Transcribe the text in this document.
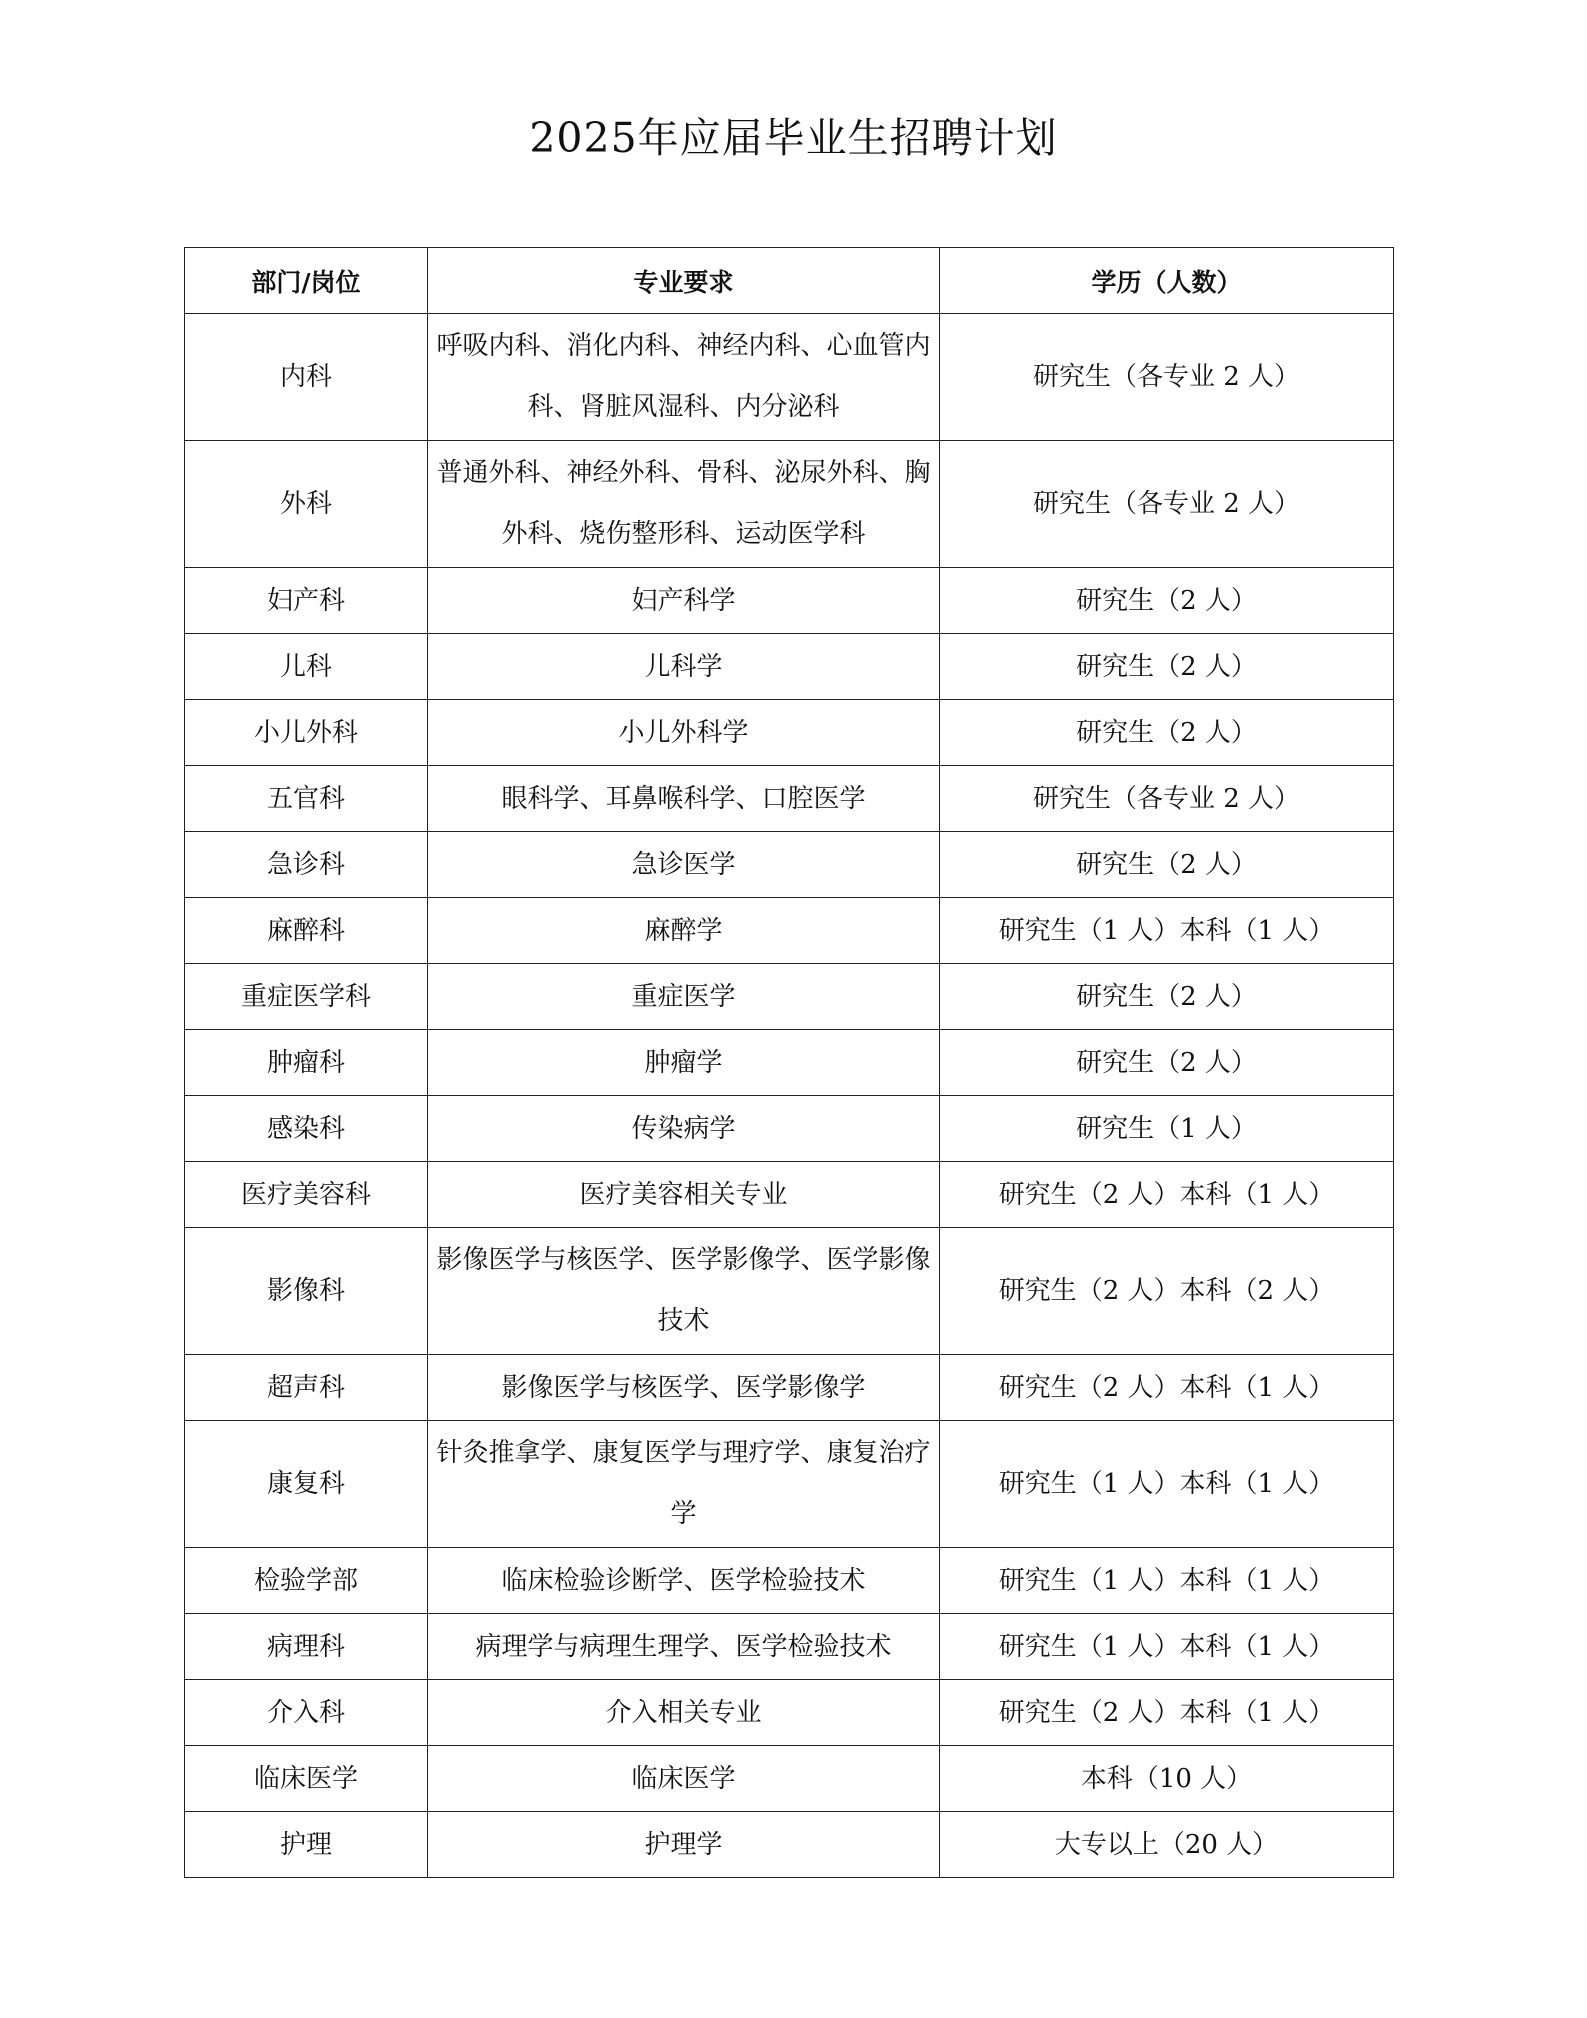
2025年应届毕业生招聘计划
部门/岗位	专业要求	学历（人数）
内科	呼吸内科、消化内科、神经内科、心血管内科、肾脏风湿科、内分泌科	研究生（各专业 2 人）
外科	普通外科、神经外科、骨科、泌尿外科、胸外科、烧伤整形科、运动医学科	研究生（各专业 2 人）
妇产科	妇产科学	研究生（2 人）
儿科	儿科学	研究生（2 人）
小儿外科	小儿外科学	研究生（2 人）
五官科	眼科学、耳鼻喉科学、口腔医学	研究生（各专业 2 人）
急诊科	急诊医学	研究生（2 人）
麻醉科	麻醉学	研究生（1 人）本科（1 人）
重症医学科	重症医学	研究生（2 人）
肿瘤科	肿瘤学	研究生（2 人）
感染科	传染病学	研究生（1 人）
医疗美容科	医疗美容相关专业	研究生（2 人）本科（1 人）
影像科	影像医学与核医学、医学影像学、医学影像技术	研究生（2 人）本科（2 人）
超声科	影像医学与核医学、医学影像学	研究生（2 人）本科（1 人）
康复科	针灸推拿学、康复医学与理疗学、康复治疗学	研究生（1 人）本科（1 人）
检验学部	临床检验诊断学、医学检验技术	研究生（1 人）本科（1 人）
病理科	病理学与病理生理学、医学检验技术	研究生（1 人）本科（1 人）
介入科	介入相关专业	研究生（2 人）本科（1 人）
临床医学	临床医学	本科（10 人）
护理	护理学	大专以上（20 人）
